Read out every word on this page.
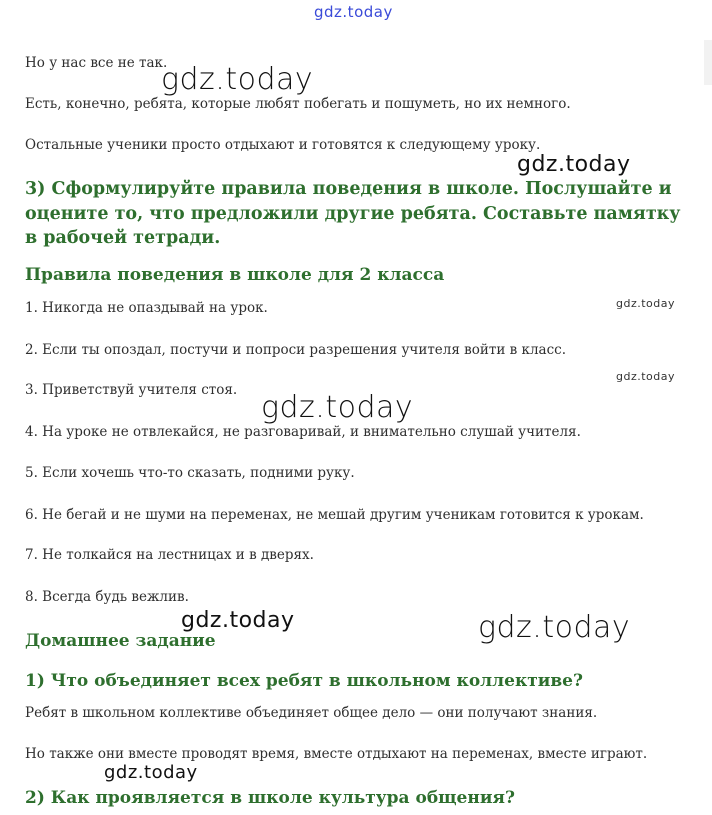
gdz.today
gdz.today
gdz.today
gdz.today
gdz.today
gdz.today
gdz.today	gdz.today
gdz.today

Но у нас все не так.

Есть, конечно, ребята, которые любят побегать и пошуметь, но их немного.

Остальные ученики просто отдыхают и готовятся к следующему уроку.

3) Сформулируйте правила поведения в школе. Послушайте и оцените то, что предложили другие ребята. Составьте памятку в рабочей тетради.
Правила поведения в школе для 2 класса

1. Никогда не опаздывай на урок.

2. Если ты опоздал, постучи и попроси разрешения учителя войти в класс.

3. Приветствуй учителя стоя.

4. На уроке не отвлекайся, не разговаривай, и внимательно слушай учителя.

5. Если хочешь что-то сказать, подними руку.

6. Не бегай и не шуми на переменах, не мешай другим ученикам готовится к урокам.

7. Не толкайся на лестницах и в дверях.

8. Всегда будь вежлив.

Домашнее задание
1) Что объединяет всех ребят в школьном коллективе?

Ребят в школьном коллективе объединяет общее дело — они получают знания.

Но также они вместе проводят время, вместе отдыхают на переменах, вместе играют.

2) Как проявляется в школе культура общения?
